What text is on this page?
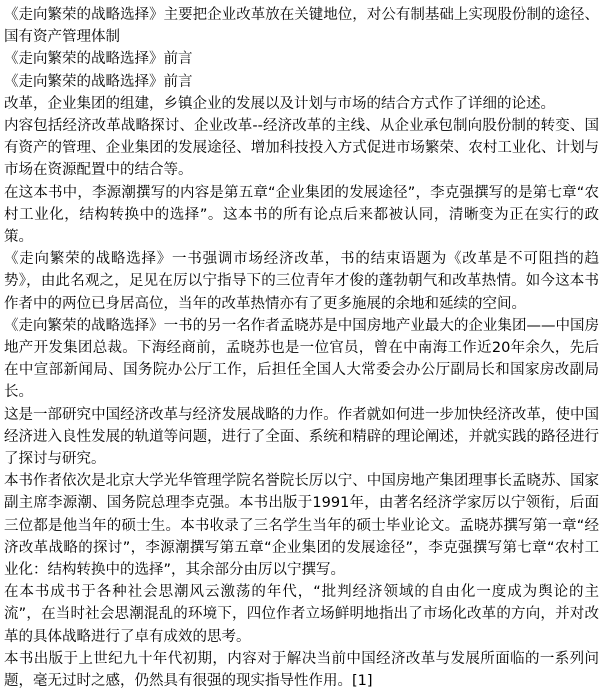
《走向繁荣的战略选择》主要把企业改革放在关键地位，对公有制基础上实现股份制的途径、国有资产管理体制

《走向繁荣的战略选择》前言

《走向繁荣的战略选择》前言

改革，企业集团的组建，乡镇企业的发展以及计划与市场的结合方式作了详细的论述。

内容包括经济改革战略探讨、企业改革--经济改革的主线、从企业承包制向股份制的转变、国有资产的管理、企业集团的发展途径、增加科技投入方式促进市场繁荣、农村工业化、计划与市场在资源配置中的结合等。

在这本书中，李源潮撰写的内容是第五章“企业集团的发展途径”，李克强撰写的是第七章“农村工业化，结构转换中的选择”。这本书的所有论点后来都被认同，清晰变为正在实行的政策。

《走向繁荣的战略选择》一书强调市场经济改革，书的结束语题为《改革是不可阻挡的趋势》，由此名观之，足见在厉以宁指导下的三位青年才俊的蓬勃朝气和改革热情。如今这本书作者中的两位已身居高位，当年的改革热情亦有了更多施展的余地和延续的空间。

《走向繁荣的战略选择》一书的另一名作者孟晓苏是中国房地产业最大的企业集团——中国房地产开发集团总裁。下海经商前，孟晓苏也是一位官员，曾在中南海工作近20年余久，先后在中宣部新闻局、国务院办公厅工作，后担任全国人大常委会办公厅副局长和国家房改副局长。

这是一部研究中国经济改革与经济发展战略的力作。作者就如何进一步加快经济改革，使中国经济进入良性发展的轨道等问题，进行了全面、系统和精辟的理论阐述，并就实践的路径进行了探讨与研究。

本书作者依次是北京大学光华管理学院名誉院长厉以宁、中国房地产集团理事长孟晓苏、国家副主席李源潮、国务院总理李克强。本书出版于1991年，由著名经济学家厉以宁领衔，后面三位都是他当年的硕士生。本书收录了三名学生当年的硕士毕业论文。孟晓苏撰写第一章“经济改革战略的探讨”，李源潮撰写第五章“企业集团的发展途径”，李克强撰写第七章“农村工业化：结构转换中的选择”，其余部分由厉以宁撰写。

在本书成书于各种社会思潮风云激荡的年代，“批判经济领域的自由化一度成为舆论的主流”，在当时社会思潮混乱的环境下，四位作者立场鲜明地指出了市场化改革的方向，并对改革的具体战略进行了卓有成效的思考。

本书出版于上世纪九十年代初期，内容对于解决当前中国经济改革与发展所面临的一系列问题，毫无过时之感，仍然具有很强的现实指导性作用。[1]
